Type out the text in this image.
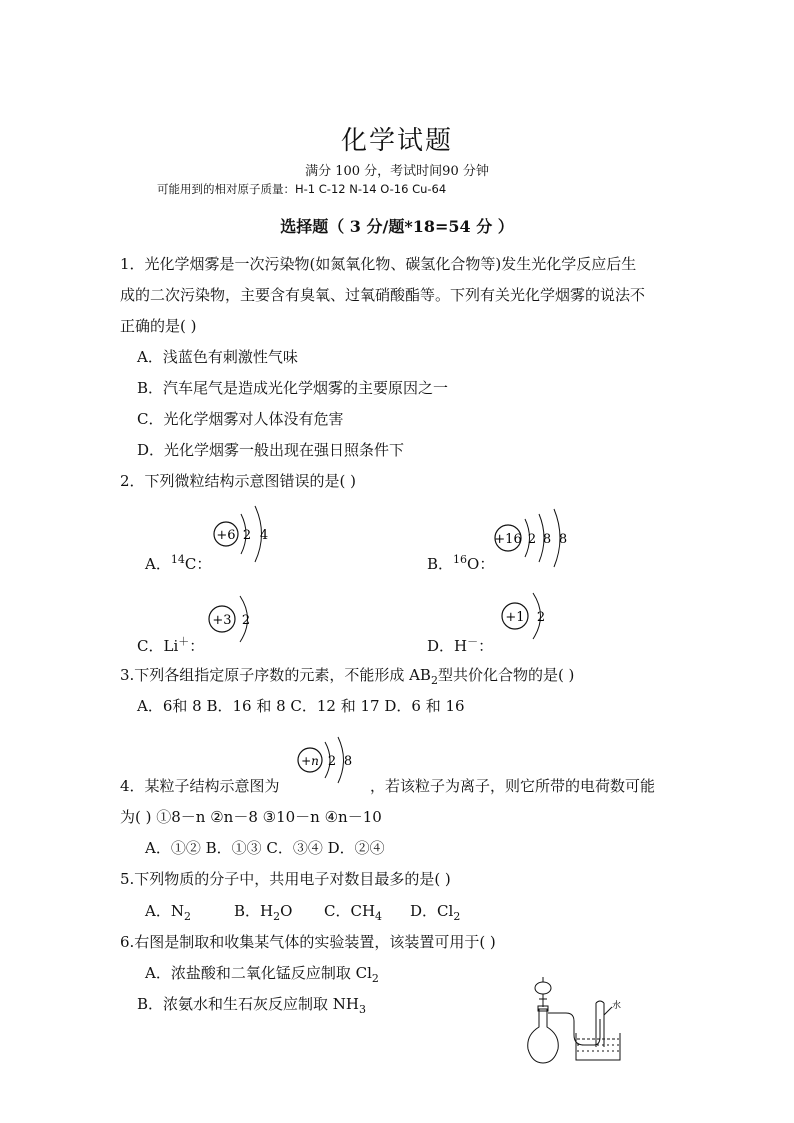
化学试题
满分 100 分，考试时间90 分钟
可能用到的相对原子质量：H-1 C-12 N-14 O-16 Cu-64
选择题（ 3 分/题*18=54 分 ）
1．光化学烟雾是一次污染物(如氮氧化物、碳氢化合物等)发生光化学反应后生
成的二次污染物，主要含有臭氧、过氧硝酸酯等。下列有关光化学烟雾的说法不
正确的是( )
A．浅蓝色有刺激性气味
B．汽车尾气是造成光化学烟雾的主要原因之一
C．光化学烟雾对人体没有危害
D．光化学烟雾一般出现在强日照条件下
2．下列微粒结构示意图错误的是( )
A．$^{14}$C：
+6 2 4
B．$^{16}$O：
+16 2 8 8
C．Li＋：
+3 2
D．H－：
+1 2
3.下列各组指定原子序数的元素，不能形成 $AB_2$型共价化合物的是( )
A．6和 8 B．16 和 8 C．12 和 17 D．6 和 16
+n 2 8
4．某粒子结构示意图为	，若该粒子为离子，则它所带的电荷数可能
为( ) ①8－n ②n－8 ③10－n ④n－10
A．①② B．①③ C．③④ D．②④
5.下列物质的分子中，共用电子对数目最多的是( )
A．$N_2$	B．$H_2O$ C．$CH_4$ D．$Cl_2$
6.右图是制取和收集某气体的实验装置，该装置可用于( )
A．浓盐酸和二氧化锰反应制取 $Cl_2$
B．浓氨水和生石灰反应制取 $NH_3$	水
